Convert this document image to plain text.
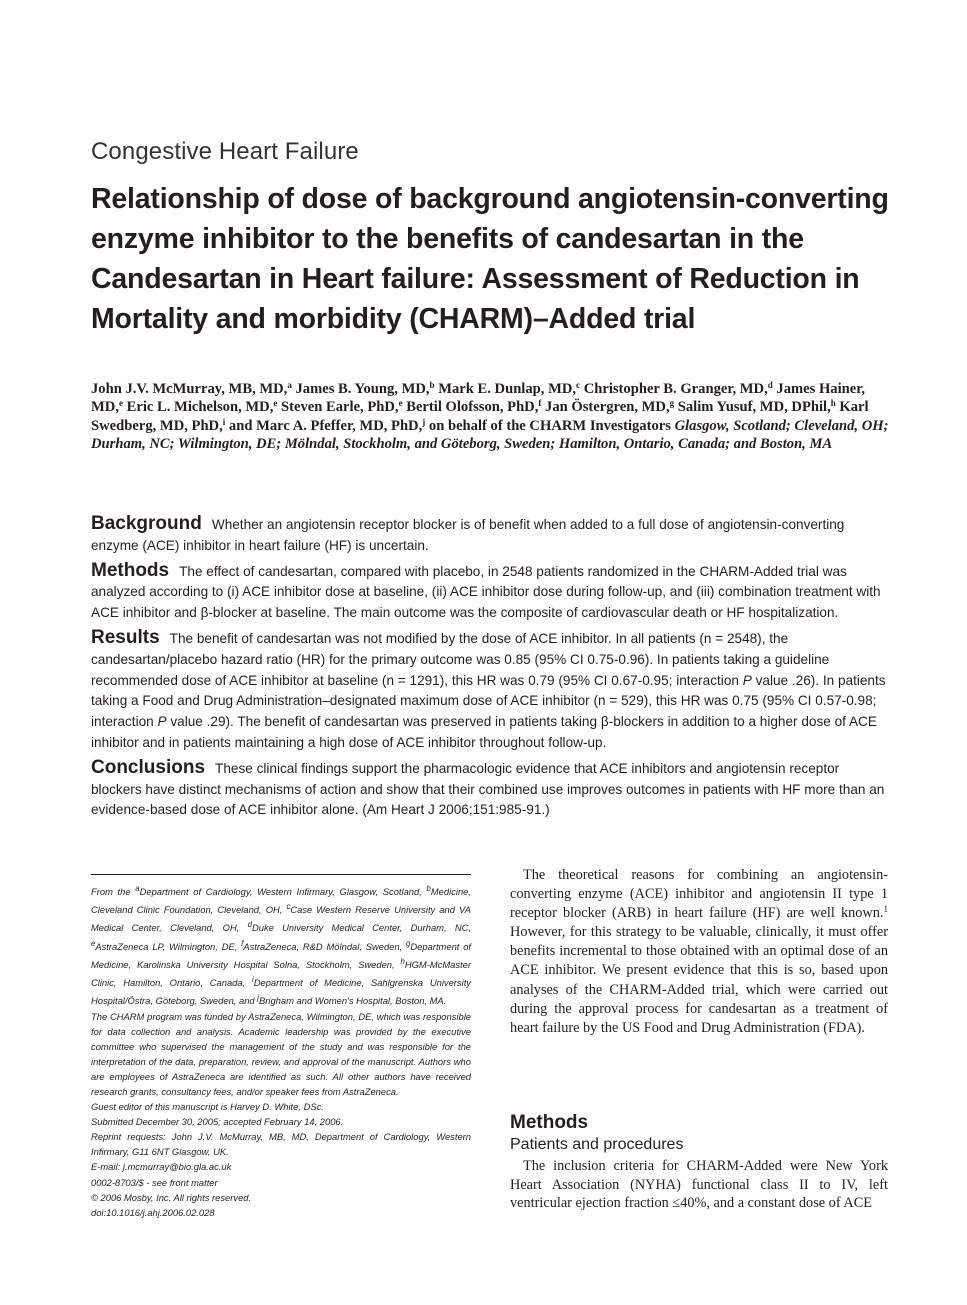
Congestive Heart Failure
Relationship of dose of background angiotensin-converting enzyme inhibitor to the benefits of candesartan in the Candesartan in Heart failure: Assessment of Reduction in Mortality and morbidity (CHARM)–Added trial

John J.V. McMurray, MB, MD,$^a$ James B. Young, MD,$^b$ Mark E. Dunlap, MD,$^c$ Christopher B. Granger, MD,$^d$ James Hainer, MD,$^e$ Eric L. Michelson, MD,$^e$ Steven Earle, PhD,$^e$ Bertil Olofsson, PhD,$^f$ Jan Östergren, MD,$^g$ Salim Yusuf, MD, DPhil,$^h$ Karl Swedberg, MD, PhD,$^i$ and Marc A. Pfeffer, MD, PhD,$^j$ on behalf of the CHARM Investigators Glasgow, Scotland; Cleveland, OH; Durham, NC; Wilmington, DE; Mölndal, Stockholm, and Göteborg, Sweden; Hamilton, Ontario, Canada; and Boston, MA

Background Whether an angiotensin receptor blocker is of benefit when added to a full dose of angiotensin-converting enzyme (ACE) inhibitor in heart failure (HF) is uncertain.

Methods The effect of candesartan, compared with placebo, in 2548 patients randomized in the CHARM-Added trial was analyzed according to (i) ACE inhibitor dose at baseline, (ii) ACE inhibitor dose during follow-up, and (iii) combination treatment with ACE inhibitor and β-blocker at baseline. The main outcome was the composite of cardiovascular death or HF hospitalization.

Results The benefit of candesartan was not modified by the dose of ACE inhibitor. In all patients (n = 2548), the candesartan/placebo hazard ratio (HR) for the primary outcome was 0.85 (95% CI 0.75-0.96). In patients taking a guideline recommended dose of ACE inhibitor at baseline (n = 1291), this HR was 0.79 (95% CI 0.67-0.95; interaction P value .26). In patients taking a Food and Drug Administration–designated maximum dose of ACE inhibitor (n = 529), this HR was 0.75 (95% CI 0.57-0.98; interaction P value .29). The benefit of candesartan was preserved in patients taking β-blockers in addition to a higher dose of ACE inhibitor and in patients maintaining a high dose of ACE inhibitor throughout follow-up.

Conclusions These clinical findings support the pharmacologic evidence that ACE inhibitors and angiotensin receptor blockers have distinct mechanisms of action and show that their combined use improves outcomes in patients with HF more than an evidence-based dose of ACE inhibitor alone. (Am Heart J 2006;151:985-91.)

From the $^a$Department of Cardiology, Western Infirmary, Glasgow, Scotland, $^b$Medicine, Cleveland Clinic Foundation, Cleveland, OH, $^c$Case Western Reserve University and VA Medical Center, Cleveland, OH, $^d$Duke University Medical Center, Durham, NC, $^e$AstraZeneca LP, Wilmington, DE, $^f$AstraZeneca, R&D Mölndal, Sweden, $^g$Department of Medicine, Karolinska University Hospital Solna, Stockholm, Sweden, $^h$HGM-McMaster Clinic, Hamilton, Ontario, Canada, $^i$Department of Medicine, Sahlgrenska University Hospital/Östra, Göteborg, Sweden, and $^j$Brigham and Women's Hospital, Boston, MA.

The CHARM program was funded by AstraZeneca, Wilmington, DE, which was responsible for data collection and analysis. Academic leadership was provided by the executive committee who supervised the management of the study and was responsible for the interpretation of the data, preparation, review, and approval of the manuscript. Authors who are employees of AstraZeneca are identified as such. All other authors have received research grants, consultancy fees, and/or speaker fees from AstraZeneca.

Guest editor of this manuscript is Harvey D. White, DSc.

Submitted December 30, 2005; accepted February 14, 2006.

Reprint requests: John J.V. McMurray, MB, MD, Department of Cardiology, Western Infirmary, G11 6NT Glasgow, UK.

E-mail: j.mcmurray@bio.gla.ac.uk

0002-8703/$ - see front matter

© 2006 Mosby, Inc. All rights reserved.

doi:10.1016/j.ahj.2006.02.028

The theoretical reasons for combining an angiotensin-converting enzyme (ACE) inhibitor and angiotensin II type 1 receptor blocker (ARB) in heart failure (HF) are well known.$^1$ However, for this strategy to be valuable, clinically, it must offer benefits incremental to those obtained with an optimal dose of an ACE inhibitor. We present evidence that this is so, based upon analyses of the CHARM-Added trial, which were carried out during the approval process for candesartan as a treatment of heart failure by the US Food and Drug Administration (FDA).

Methods
Patients and procedures

The inclusion criteria for CHARM-Added were New York Heart Association (NYHA) functional class II to IV, left ventricular ejection fraction ≤40%, and a constant dose of ACE
